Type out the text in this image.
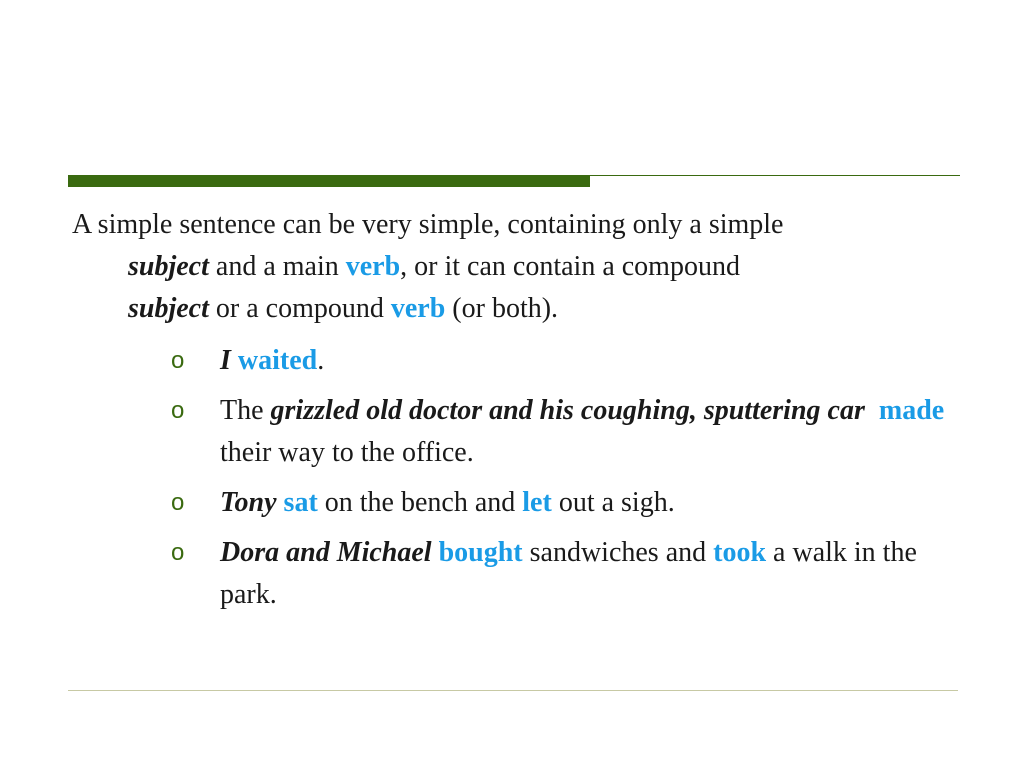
A simple sentence can be very simple, containing only a simple
subject and a main verb, or it can contain a compound
subject or a compound verb (or both).

o I waited.
o The grizzled old doctor and his coughing, sputtering car made their way to the office.
o Tony sat on the bench and let out a sigh.
o Dora and Michael bought sandwiches and took a walk in the park.
